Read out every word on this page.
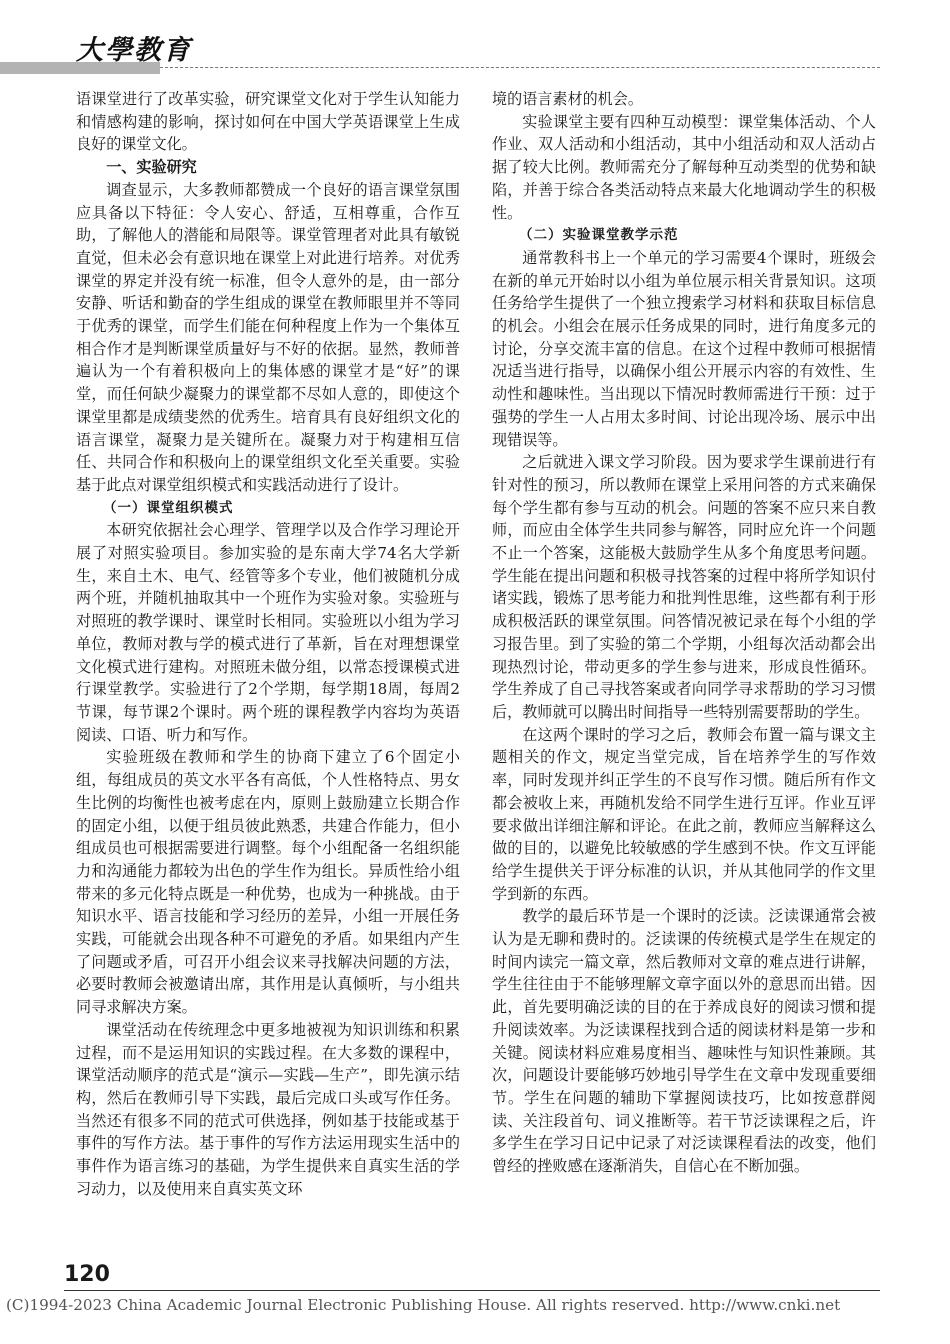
大學教育

语课堂进行了改革实验，研究课堂文化对于学生认知能力和情感构建的影响，探讨如何在中国大学英语课堂上生成良好的课堂文化。

一、实验研究

调查显示，大多教师都赞成一个良好的语言课堂氛围应具备以下特征：令人安心、舒适，互相尊重，合作互助，了解他人的潜能和局限等。课堂管理者对此具有敏锐直觉，但未必会有意识地在课堂上对此进行培养。对优秀课堂的界定并没有统一标准，但令人意外的是，由一部分安静、听话和勤奋的学生组成的课堂在教师眼里并不等同于优秀的课堂，而学生们能在何种程度上作为一个集体互相合作才是判断课堂质量好与不好的依据。显然，教师普遍认为一个有着积极向上的集体感的课堂才是“好”的课堂，而任何缺少凝聚力的课堂都不尽如人意的，即使这个课堂里都是成绩斐然的优秀生。培育具有良好组织文化的语言课堂，凝聚力是关键所在。凝聚力对于构建相互信任、共同合作和积极向上的课堂组织文化至关重要。实验基于此点对课堂组织模式和实践活动进行了设计。

（一）课堂组织模式

本研究依据社会心理学、管理学以及合作学习理论开展了对照实验项目。参加实验的是东南大学74名大学新生，来自土木、电气、经管等多个专业，他们被随机分成两个班，并随机抽取其中一个班作为实验对象。实验班与对照班的教学课时、课堂时长相同。实验班以小组为学习单位，教师对教与学的模式进行了革新，旨在对理想课堂文化模式进行建构。对照班未做分组，以常态授课模式进行课堂教学。实验进行了2个学期，每学期18周，每周2节课，每节课2个课时。两个班的课程教学内容均为英语阅读、口语、听力和写作。

实验班级在教师和学生的协商下建立了6个固定小组，每组成员的英文水平各有高低，个人性格特点、男女生比例的均衡性也被考虑在内，原则上鼓励建立长期合作的固定小组，以便于组员彼此熟悉，共建合作能力，但小组成员也可根据需要进行调整。每个小组配备一名组织能力和沟通能力都较为出色的学生作为组长。异质性给小组带来的多元化特点既是一种优势，也成为一种挑战。由于知识水平、语言技能和学习经历的差异，小组一开展任务实践，可能就会出现各种不可避免的矛盾。如果组内产生了问题或矛盾，可召开小组会议来寻找解决问题的方法，必要时教师会被邀请出席，其作用是认真倾听，与小组共同寻求解决方案。

课堂活动在传统理念中更多地被视为知识训练和积累过程，而不是运用知识的实践过程。在大多数的课程中，课堂活动顺序的范式是“演示—实践—生产”，即先演示结构，然后在教师引导下实践，最后完成口头或写作任务。当然还有很多不同的范式可供选择，例如基于技能或基于事件的写作方法。基于事件的写作方法运用现实生活中的事件作为语言练习的基础，为学生提供来自真实生活的学习动力，以及使用来自真实英文环

境的语言素材的机会。

实验课堂主要有四种互动模型：课堂集体活动、个人作业、双人活动和小组活动，其中小组活动和双人活动占据了较大比例。教师需充分了解每种互动类型的优势和缺陷，并善于综合各类活动特点来最大化地调动学生的积极性。

（二）实验课堂教学示范

通常教科书上一个单元的学习需要4个课时，班级会在新的单元开始时以小组为单位展示相关背景知识。这项任务给学生提供了一个独立搜索学习材料和获取目标信息的机会。小组会在展示任务成果的同时，进行角度多元的讨论，分享交流丰富的信息。在这个过程中教师可根据情况适当进行指导，以确保小组公开展示内容的有效性、生动性和趣味性。当出现以下情况时教师需进行干预：过于强势的学生一人占用太多时间、讨论出现冷场、展示中出现错误等。

之后就进入课文学习阶段。因为要求学生课前进行有针对性的预习，所以教师在课堂上采用问答的方式来确保每个学生都有参与互动的机会。问题的答案不应只来自教师，而应由全体学生共同参与解答，同时应允许一个问题不止一个答案，这能极大鼓励学生从多个角度思考问题。学生能在提出问题和积极寻找答案的过程中将所学知识付诸实践，锻炼了思考能力和批判性思维，这些都有利于形成积极活跃的课堂氛围。问答情况被记录在每个小组的学习报告里。到了实验的第二个学期，小组每次活动都会出现热烈讨论，带动更多的学生参与进来，形成良性循环。学生养成了自己寻找答案或者向同学寻求帮助的学习习惯后，教师就可以腾出时间指导一些特别需要帮助的学生。

在这两个课时的学习之后，教师会布置一篇与课文主题相关的作文，规定当堂完成，旨在培养学生的写作效率，同时发现并纠正学生的不良写作习惯。随后所有作文都会被收上来，再随机发给不同学生进行互评。作业互评要求做出详细注解和评论。在此之前，教师应当解释这么做的目的，以避免比较敏感的学生感到不快。作文互评能给学生提供关于评分标准的认识，并从其他同学的作文里学到新的东西。

教学的最后环节是一个课时的泛读。泛读课通常会被认为是无聊和费时的。泛读课的传统模式是学生在规定的时间内读完一篇文章，然后教师对文章的难点进行讲解，学生往往由于不能够理解文章字面以外的意思而出错。因此，首先要明确泛读的目的在于养成良好的阅读习惯和提升阅读效率。为泛读课程找到合适的阅读材料是第一步和关键。阅读材料应难易度相当、趣味性与知识性兼顾。其次，问题设计要能够巧妙地引导学生在文章中发现重要细节。学生在问题的辅助下掌握阅读技巧，比如按意群阅读、关注段首句、词义推断等。若干节泛读课程之后，许多学生在学习日记中记录了对泛读课程看法的改变，他们曾经的挫败感在逐渐消失，自信心在不断加强。

120
(C)1994-2023 China Academic Journal Electronic Publishing House. All rights reserved. http://www.cnki.net
